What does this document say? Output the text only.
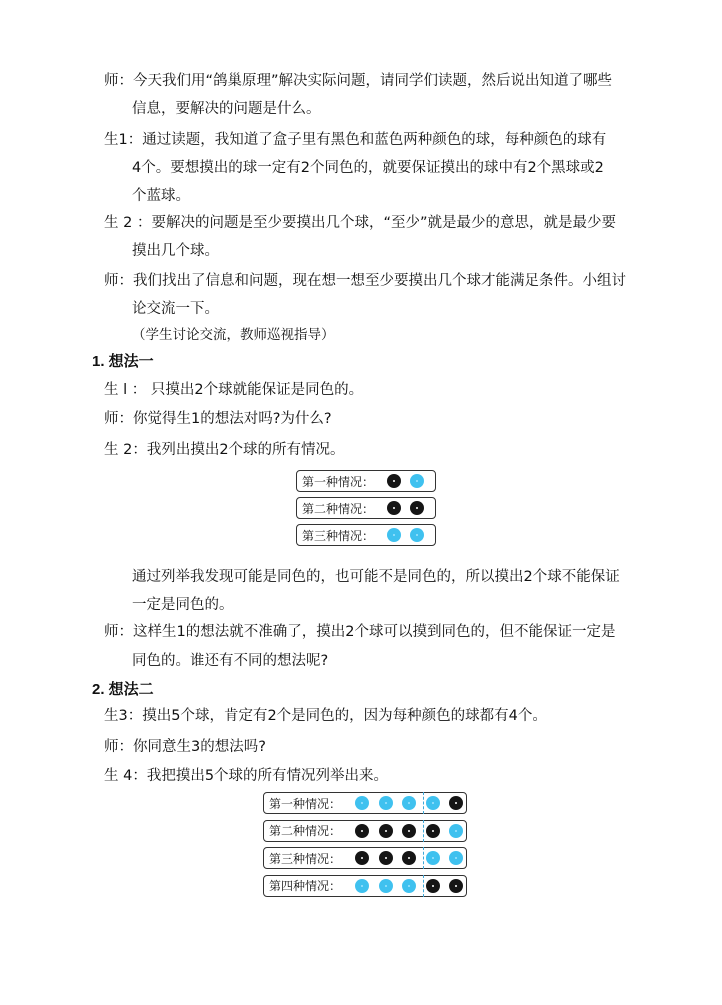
师：今天我们用“鸽巢原理”解决实际问题，请同学们读题，然后说出知道了哪些
信息，要解决的问题是什么。
生1：通过读题，我知道了盒子里有黑色和蓝色两种颜色的球，每种颜色的球有
4个。要想摸出的球一定有2个同色的，就要保证摸出的球中有2个黑球或2
个蓝球。
生 2 ：要解决的问题是至少要摸出几个球，“至少”就是最少的意思，就是最少要
摸出几个球。
师：我们找出了信息和问题，现在想一想至少要摸出几个球才能满足条件。小组讨
论交流一下。
（学生讨论交流，教师巡视指导）
1. 想法一
生 l ： 只摸出2个球就能保证是同色的。
师：你觉得生1的想法对吗?为什么?
生 2：我列出摸出2个球的所有情况。
第一种情况：
第二种情况：
第三种情况：
通过列举我发现可能是同色的，也可能不是同色的，所以摸出2个球不能保证
一定是同色的。
师：这样生1的想法就不准确了，摸出2个球可以摸到同色的，但不能保证一定是
同色的。谁还有不同的想法呢?
2. 想法二
生3：摸出5个球，肯定有2个是同色的，因为每种颜色的球都有4个。
师：你同意生3的想法吗?
生 4：我把摸出5个球的所有情况列举出来。
第一种情况：
第二种情况：
第三种情况：
第四种情况：
